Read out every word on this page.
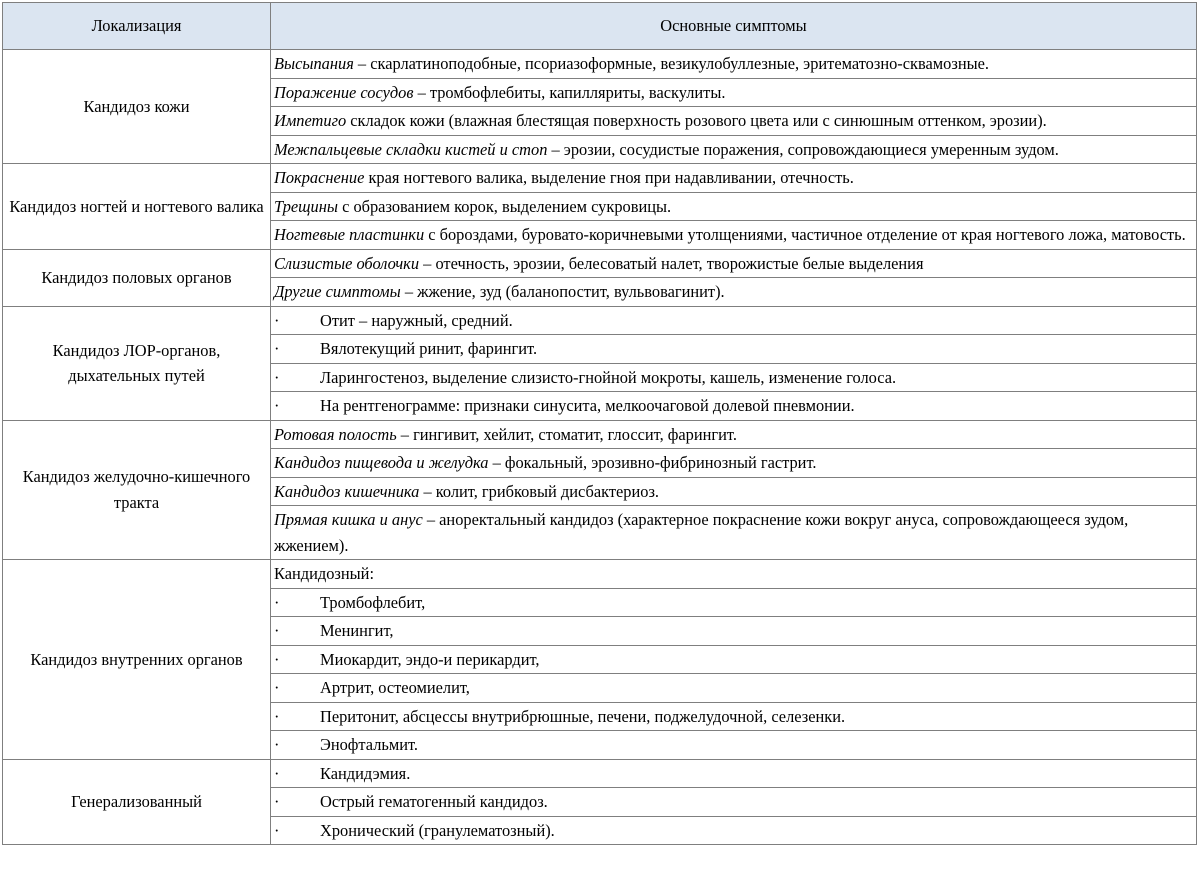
Локализация	Основные симптомы
Кандидоз кожи	Высыпания – скарлатиноподобные, псориазоформные, везикулобуллезные, эритематозно-сквамозные.
	Поражение сосудов – тромбофлебиты, капилляриты, васкулиты.
	Импетиго складок кожи (влажная блестящая поверхность розового цвета или с синюшным оттенком, эрозии).
	Межпальцевые складки кистей и стоп – эрозии, сосудистые поражения, сопровождающиеся умеренным зудом.
Кандидоз ногтей и ногтевого валика	Покраснение края ногтевого валика, выделение гноя при надавливании, отечность.
	Трещины с образованием корок, выделением сукровицы.
	Ногтевые пластинки с бороздами, буровато-коричневыми утолщениями, частичное отделение от края ногтевого ложа, матовость.
Кандидоз половых органов	Слизистые оболочки – отечность, эрозии, белесоватый налет, творожистые белые выделения
	Другие симптомы – жжение, зуд (баланопостит, вульвовагинит).
Кандидоз ЛОР-органов, дыхательных путей	· Отит – наружный, средний.
	· Вялотекущий ринит, фарингит.
	· Ларингостеноз, выделение слизисто-гнойной мокроты, кашель, изменение голоса.
	· На рентгенограмме: признаки синусита, мелкоочаговой долевой пневмонии.
Кандидоз желудочно-кишечного тракта	Ротовая полость – гингивит, хейлит, стоматит, глоссит, фарингит.
	Кандидоз пищевода и желудка – фокальный, эрозивно-фибринозный гастрит.
	Кандидоз кишечника – колит, грибковый дисбактериоз.
	Прямая кишка и анус – аноректальный кандидоз (характерное покраснение кожи вокруг ануса, сопровождающееся зудом, жжением).
Кандидоз внутренних органов	Кандидозный:
	· Тромбофлебит,
	· Менингит,
	· Миокардит, эндо-и перикардит,
	· Артрит, остеомиелит,
	· Перитонит, абсцессы внутрибрюшные, печени, поджелудочной, селезенки.
	· Энофтальмит.
Генерализованный	· Кандидэмия.
	· Острый гематогенный кандидоз.
	· Хронический (гранулематозный).
